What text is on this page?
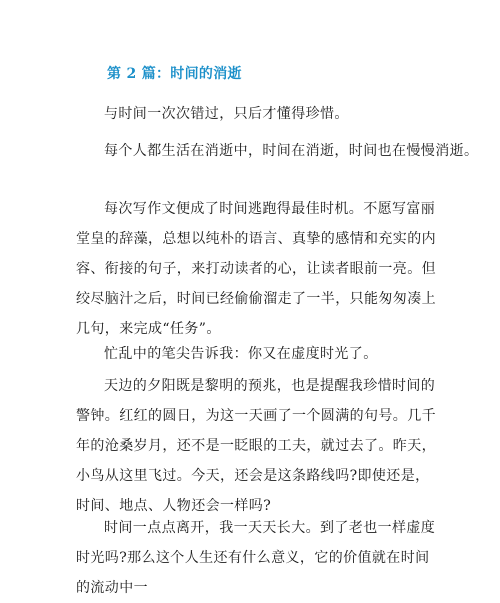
第 2 篇：时间的消逝
与时间一次次错过，只后才懂得珍惜。
每个人都生活在消逝中，时间在消逝，时间也在慢慢消逝。
每次写作文便成了时间逃跑得最佳时机。不愿写富丽堂皇的辞藻，总想以纯朴的语言、真挚的感情和充实的内容、衔接的句子，来打动读者的心，让读者眼前一亮。但绞尽脑汁之后，时间已经偷偷溜走了一半，只能匆匆凑上几句，来完成“任务”。
忙乱中的笔尖告诉我：你又在虚度时光了。
天边的夕阳既是黎明的预兆，也是提醒我珍惜时间的警钟。红红的圆日，为这一天画了一个圆满的句号。几千年的沧桑岁月，还不是一眨眼的工夫，就过去了。昨天，小鸟从这里飞过。今天，还会是这条路线吗?即使还是，时间、地点、人物还会一样吗?
时间一点点离开，我一天天长大。到了老也一样虚度时光吗?那么这个人生还有什么意义，它的价值就在时间的流动中一
